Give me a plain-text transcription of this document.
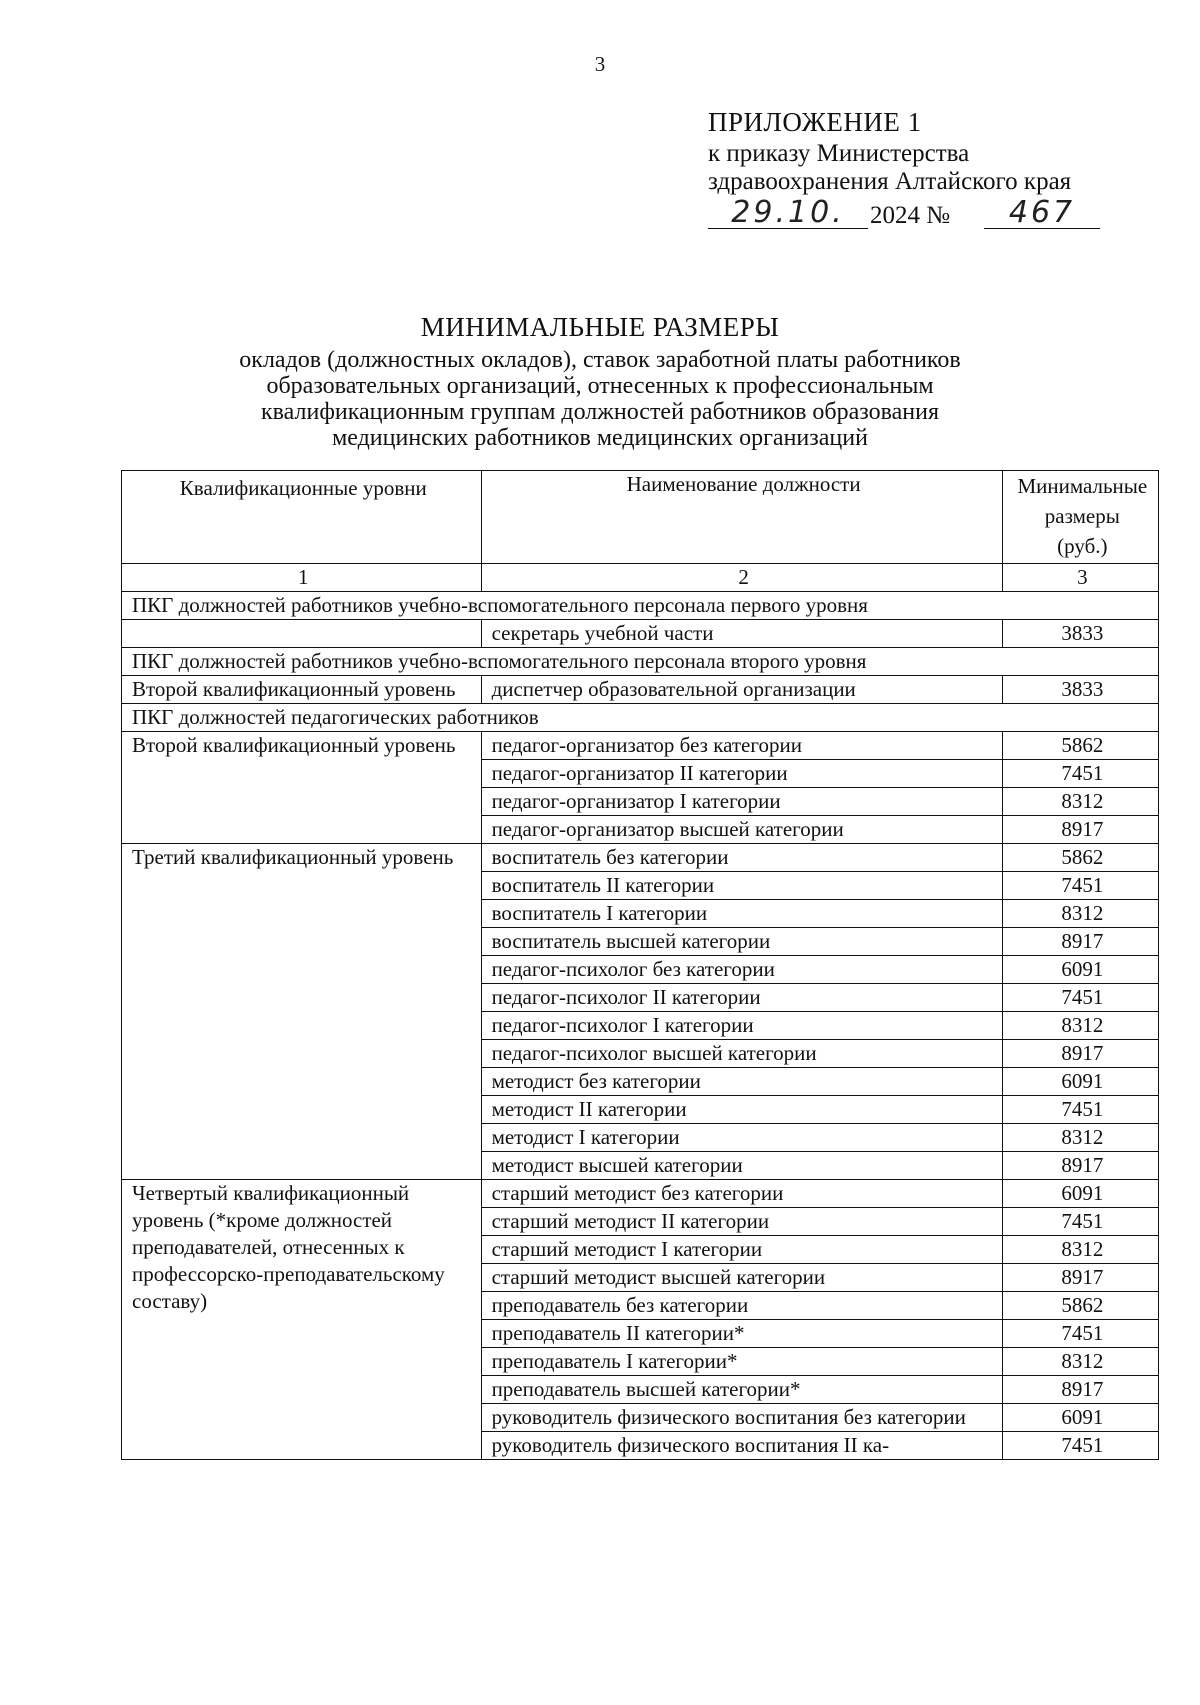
3
ПРИЛОЖЕНИЕ 1
к приказу Министерства
здравоохранения Алтайского края
29.10.	2024 №	467
МИНИМАЛЬНЫЕ РАЗМЕРЫ
окладов (должностных окладов), ставок заработной платы работников
образовательных организаций, отнесенных к профессиональным
квалификационным группам должностей работников образования
медицинских работников медицинских организаций
Квалификационные уровни	Наименование должности	Минимальные
размеры
(руб.)

1	2	3
ПКГ должностей работников учебно-вспомогательного персонала первого уровня		
	секретарь учебной части	3833
ПКГ должностей работников учебно-вспомогательного персонала второго уровня		
Второй квалификационный уровень	диспетчер образовательной организации	3833
ПКГ должностей педагогических работников		
Второй квалификационный уровень	педагог-организатор без категории	5862
	педагог-организатор II категории	7451
	педагог-организатор I категории	8312
	педагог-организатор высшей категории	8917
Третий квалификационный уровень	воспитатель без категории	5862
	воспитатель II категории	7451
	воспитатель I категории	8312
	воспитатель высшей категории	8917
	педагог-психолог без категории	6091
	педагог-психолог II категории	7451
	педагог-психолог I категории	8312
	педагог-психолог высшей категории	8917
	методист без категории	6091
	методист II категории	7451
	методист I категории	8312
	методист высшей категории	8917
Четвертый квалификационный уровень (*кроме должностей преподавателей, отнесенных к профессорско-преподавательскому составу)	старший методист без категории	6091
	старший методист II категории	7451
	старший методист I категории	8312
	старший методист высшей категории	8917
	преподаватель без категории	5862
	преподаватель II категории*	7451
	преподаватель I категории*	8312
	преподаватель высшей категории*	8917
	руководитель физического воспитания без категории	6091
	руководитель физического воспитания II ка-	7451
